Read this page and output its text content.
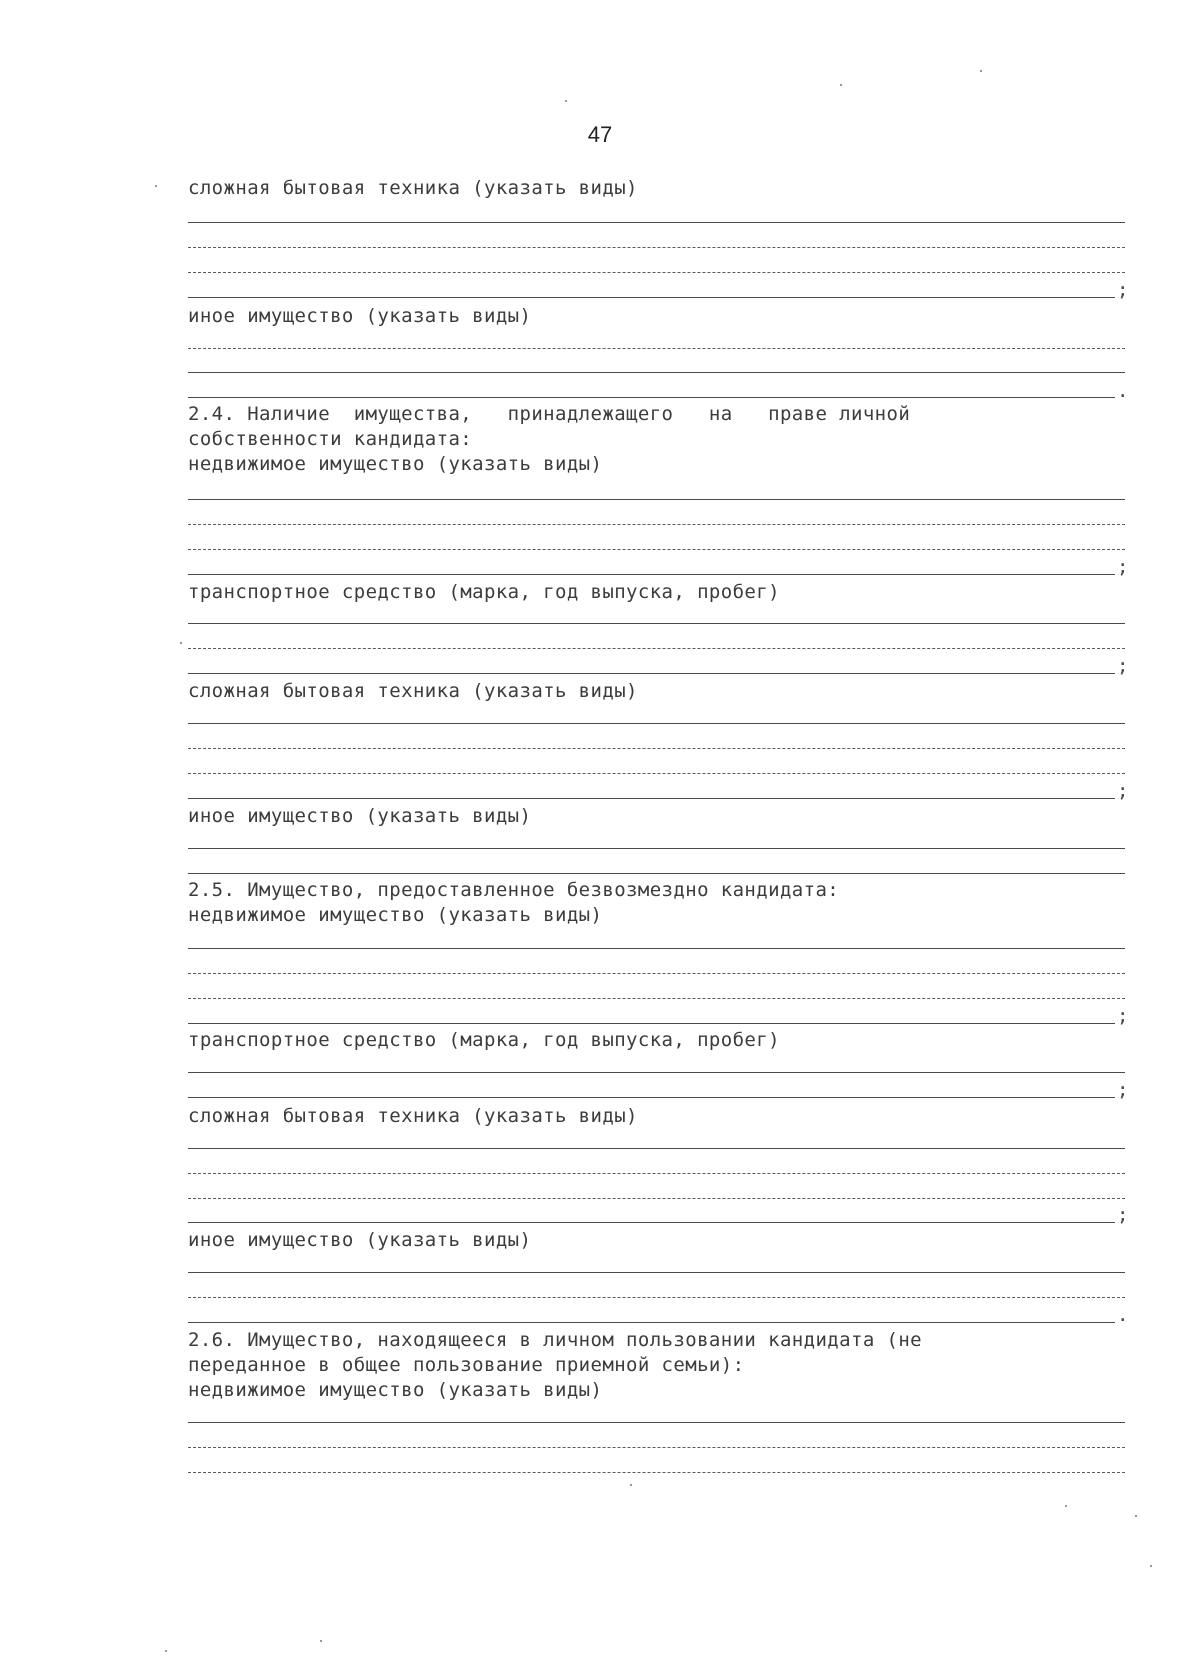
47
сложная бытовая техника (указать виды)
;
иное имущество (указать виды)
.
2.4. Наличие  имущества,   принадлежащего   на   праве личной
собственности кандидата:
недвижимое имущество (указать виды)
;
транспортное средство (марка, год выпуска, пробег)
;
сложная бытовая техника (указать виды)
;
иное имущество (указать виды)
2.5. Имущество, предоставленное безвозмездно кандидата:
недвижимое имущество (указать виды)
;
транспортное средство (марка, год выпуска, пробег)
;
сложная бытовая техника (указать виды)
;
иное имущество (указать виды)
.
2.6. Имущество, находящееся в личном пользовании кандидата (не
переданное в общее пользование приемной семьи):
недвижимое имущество (указать виды)
